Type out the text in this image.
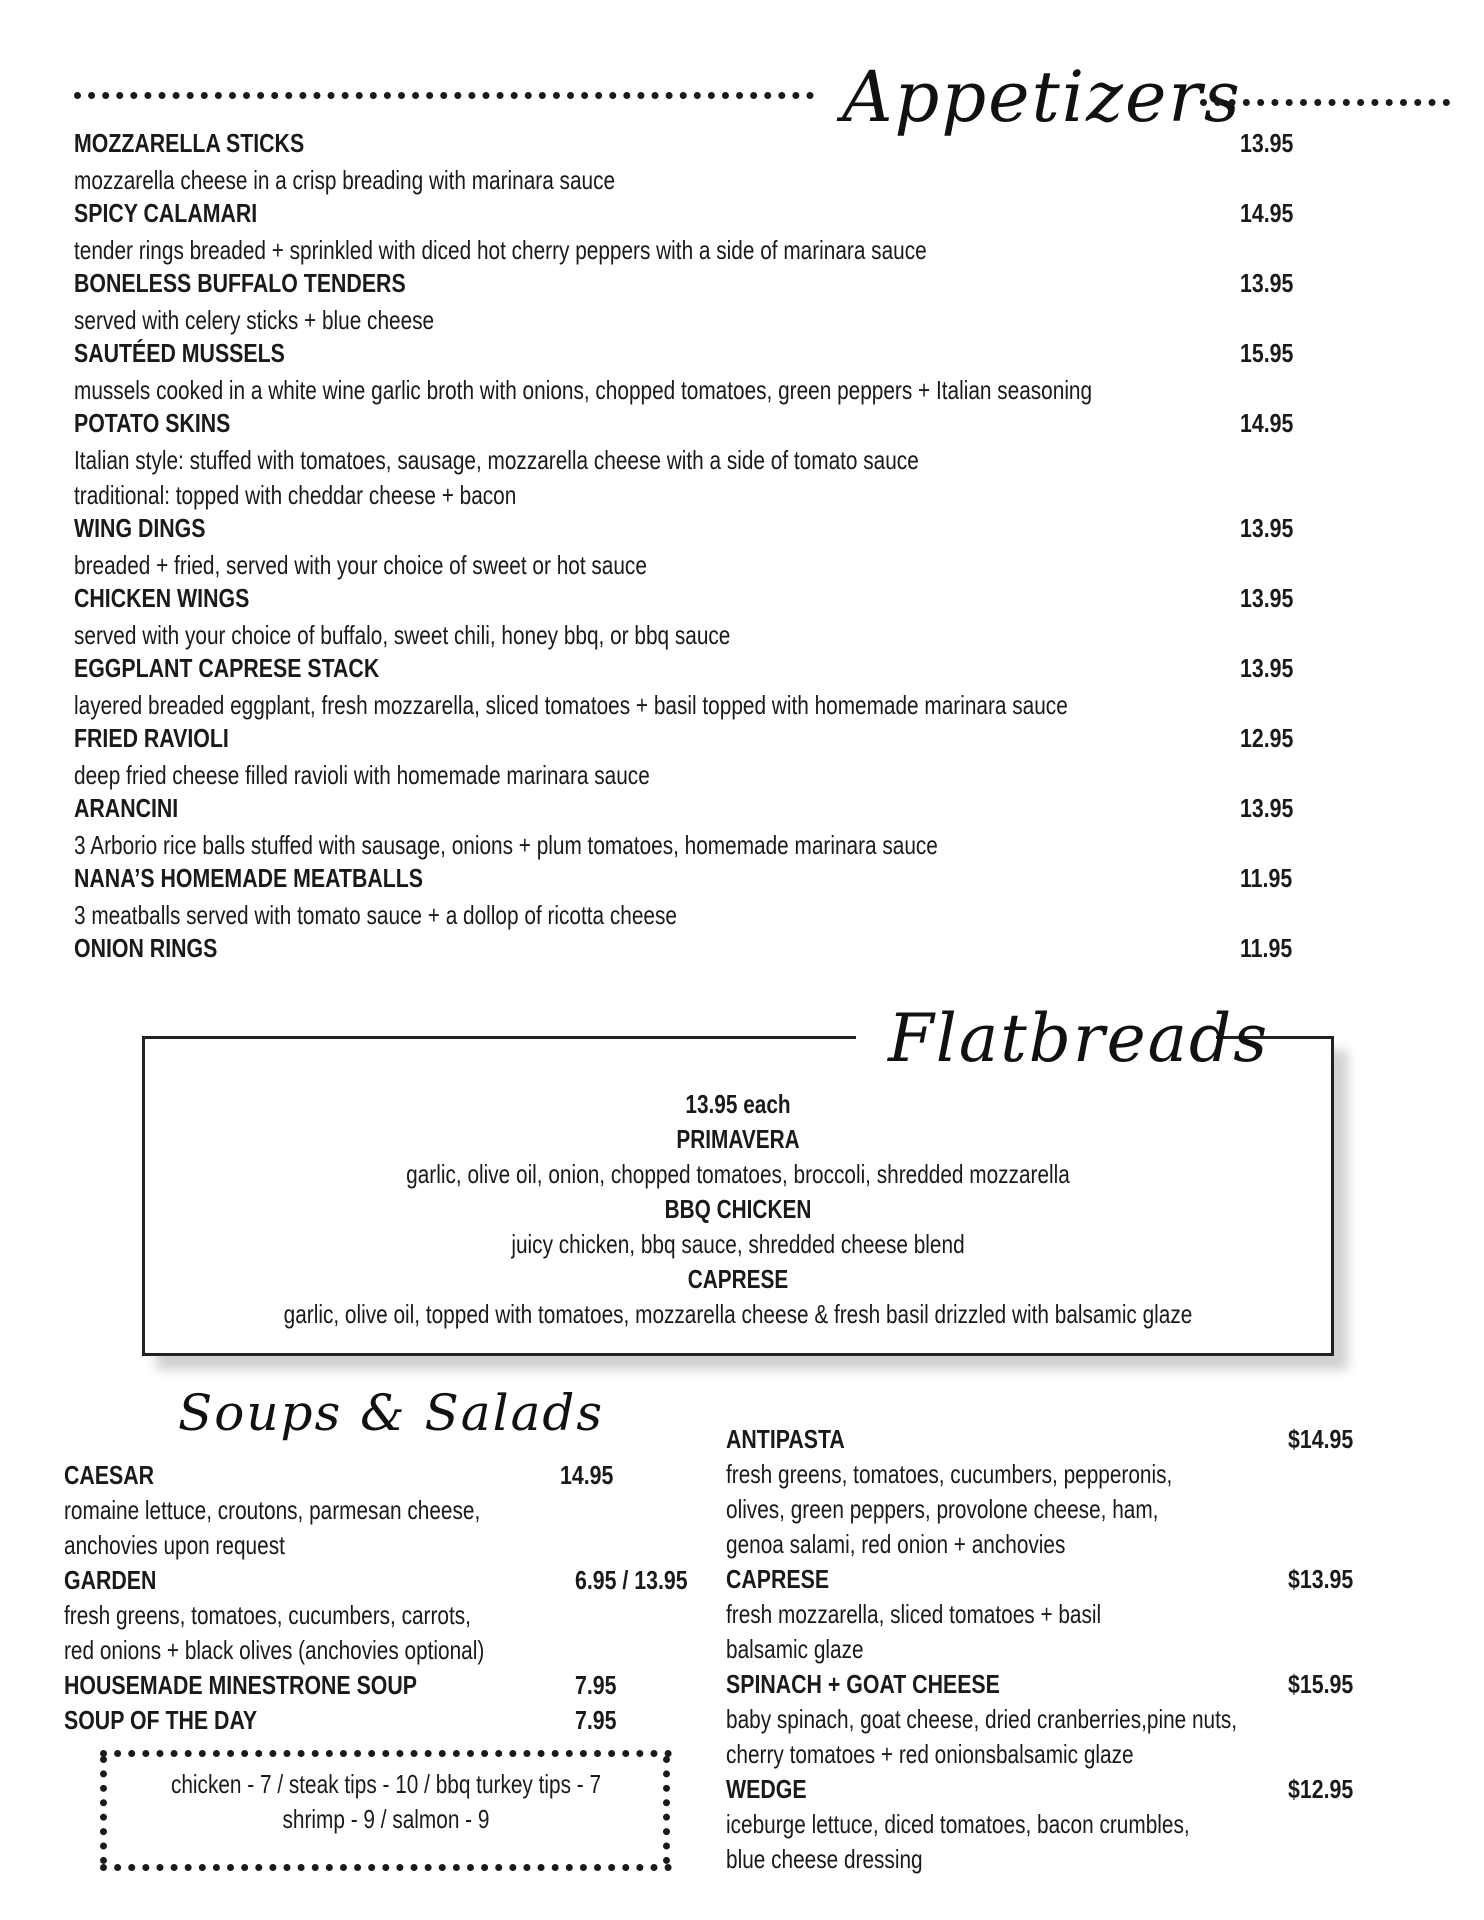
Appetizers
MOZZARELLA STICKS	13.95
mozzarella cheese in a crisp breading with marinara sauce
SPICY CALAMARI	14.95
tender rings breaded + sprinkled with diced hot cherry peppers with a side of marinara sauce
BONELESS BUFFALO TENDERS	13.95
served with celery sticks + blue cheese
SAUTÉED MUSSELS	15.95
mussels cooked in a white wine garlic broth with onions, chopped tomatoes, green peppers + Italian seasoning
POTATO SKINS	14.95
Italian style: stuffed with tomatoes, sausage, mozzarella cheese with a side of tomato sauce
traditional: topped with cheddar cheese + bacon
WING DINGS	13.95
breaded + fried, served with your choice of sweet or hot sauce
CHICKEN WINGS	13.95
served with your choice of buffalo, sweet chili, honey bbq, or bbq sauce
EGGPLANT CAPRESE STACK	13.95
layered breaded eggplant, fresh mozzarella, sliced tomatoes + basil topped with homemade marinara sauce
FRIED RAVIOLI	12.95
deep fried cheese filled ravioli with homemade marinara sauce
ARANCINI	13.95
3 Arborio rice balls stuffed with sausage, onions + plum tomatoes, homemade marinara sauce
NANA’S HOMEMADE MEATBALLS	11.95
3 meatballs served with tomato sauce + a dollop of ricotta cheese
ONION RINGS	11.95
13.95 each
PRIMAVERA
garlic, olive oil, onion, chopped tomatoes, broccoli, shredded mozzarella
BBQ CHICKEN
juicy chicken, bbq sauce, shredded cheese blend
CAPRESE
garlic, olive oil, topped with tomatoes, mozzarella cheese & fresh basil drizzled with balsamic glaze
Flatbreads
Soups & Salads
CAESAR	14.95
romaine lettuce, croutons, parmesan cheese,
anchovies upon request
GARDEN	6.95 / 13.95
fresh greens, tomatoes, cucumbers, carrots,
red onions + black olives (anchovies optional)
HOUSEMADE MINESTRONE SOUP	7.95
SOUP OF THE DAY	7.95
chicken - 7 / steak tips - 10 / bbq turkey tips - 7
shrimp - 9 / salmon - 9
ANTIPASTA	$14.95
fresh greens, tomatoes, cucumbers, pepperonis,
olives, green peppers, provolone cheese, ham,
genoa salami, red onion + anchovies
CAPRESE	$13.95
fresh mozzarella, sliced tomatoes + basil
balsamic glaze
SPINACH + GOAT CHEESE	$15.95
baby spinach, goat cheese, dried cranberries,pine nuts,
cherry tomatoes + red onionsbalsamic glaze
WEDGE	$12.95
iceburge lettuce, diced tomatoes, bacon crumbles,
blue cheese dressing
